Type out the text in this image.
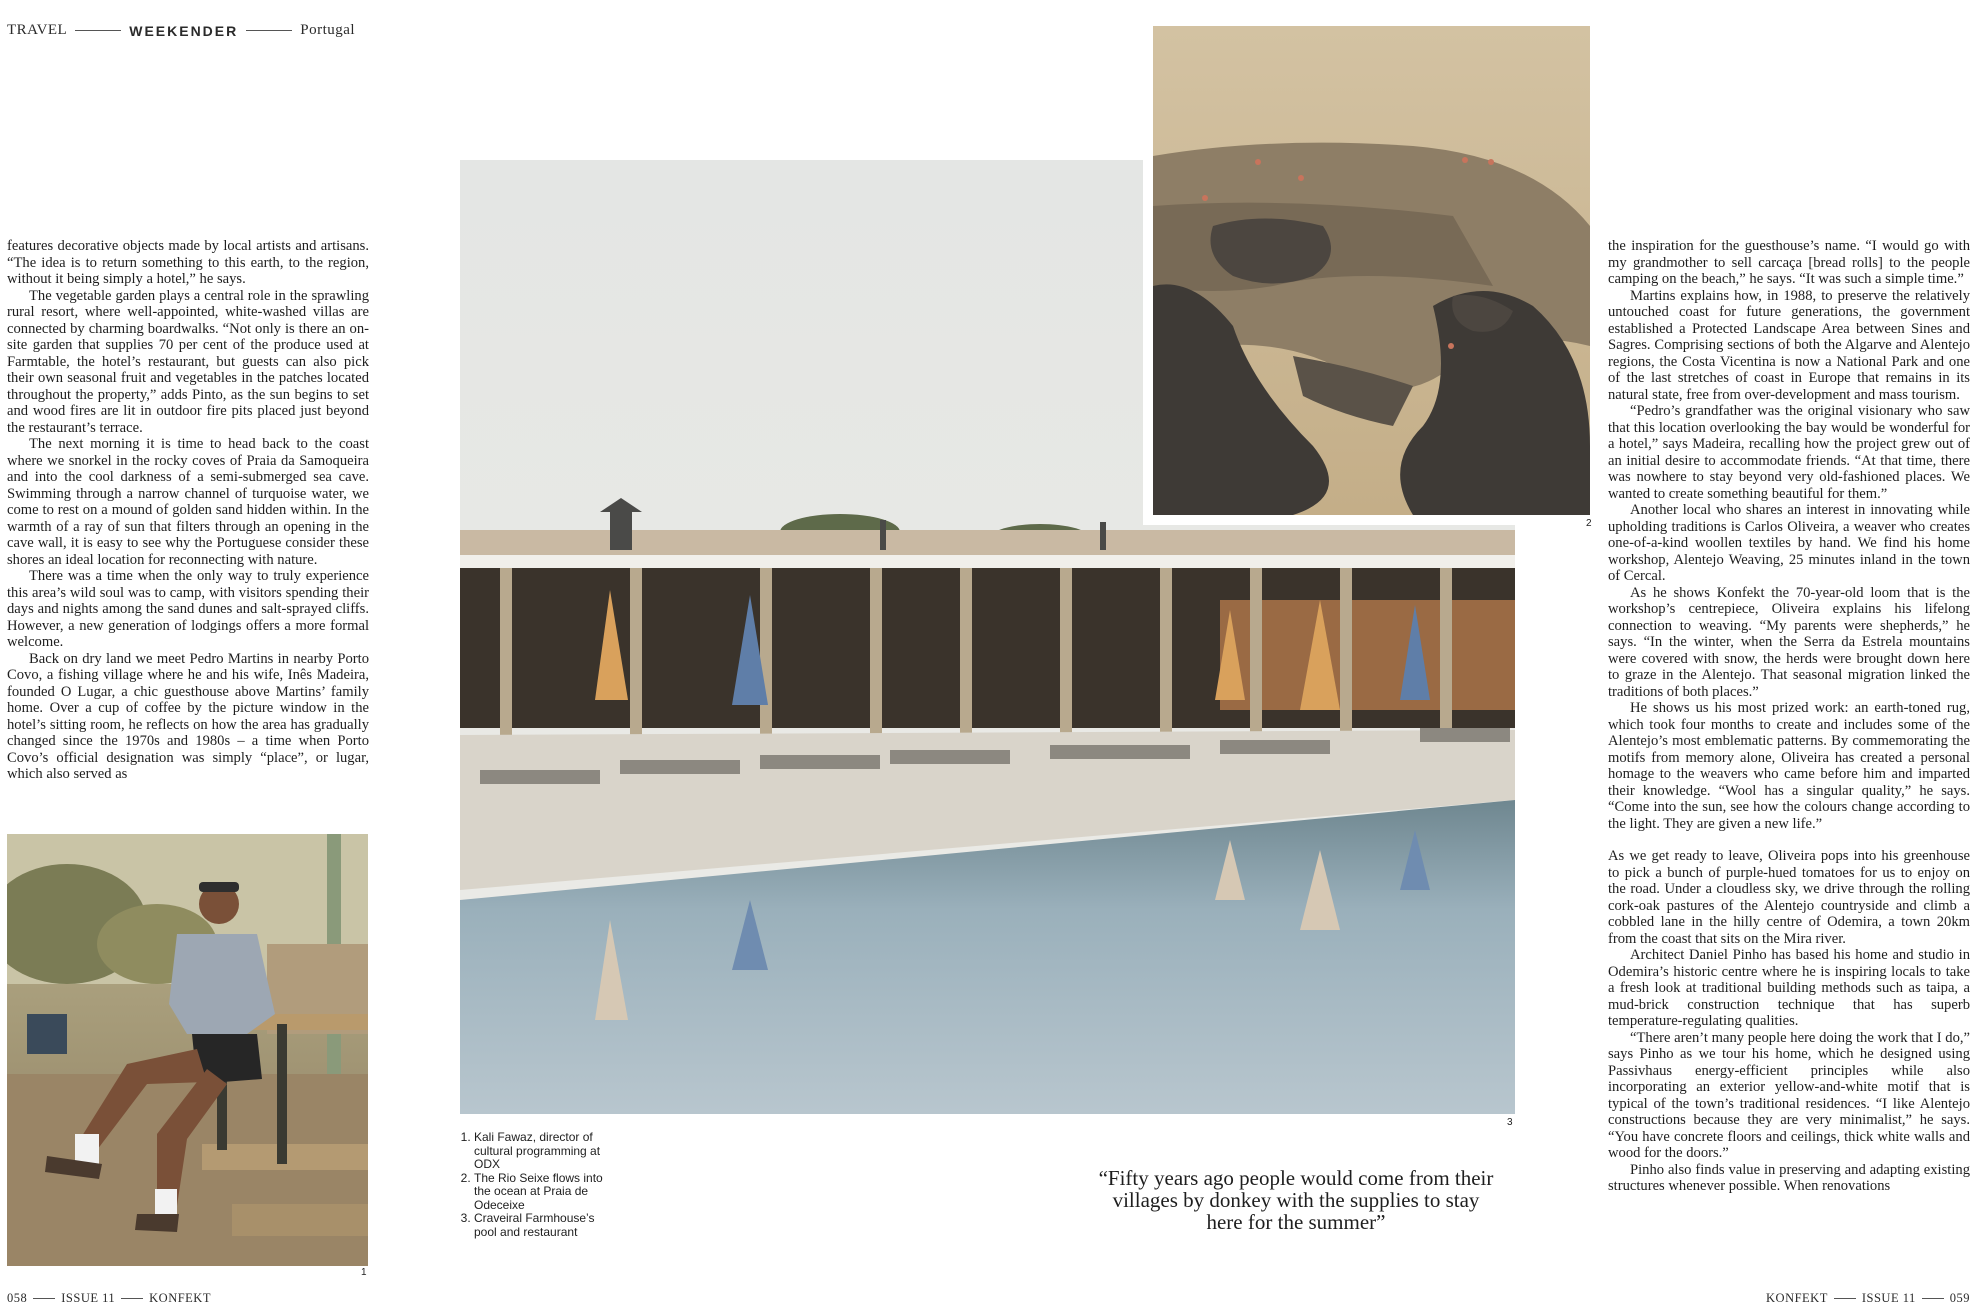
TRAVEL	WEEKENDER	Portugal

features decorative objects made by local artists and artisans. “The idea is to return something to this earth, to the region, without it being simply a hotel,” he says.

The vegetable garden plays a central role in the sprawling rural resort, where well-appointed, white-washed villas are connected by charming boardwalks. “Not only is there an on-site garden that supplies 70 per cent of the produce used at Farmtable, the hotel’s restaurant, but guests can also pick their own seasonal fruit and vegetables in the patches located throughout the property,” adds Pinto, as the sun begins to set and wood fires are lit in outdoor fire pits placed just beyond the restaurant’s terrace.

The next morning it is time to head back to the coast where we snorkel in the rocky coves of Praia da Samoqueira and into the cool darkness of a semi-submerged sea cave. Swimming through a narrow channel of turquoise water, we come to rest on a mound of golden sand hidden within. In the warmth of a ray of sun that filters through an opening in the cave wall, it is easy to see why the Portuguese consider these shores an ideal location for reconnecting with nature.

There was a time when the only way to truly experience this area’s wild soul was to camp, with visitors spending their days and nights among the sand dunes and salt-sprayed cliffs. However, a new generation of lodgings offers a more formal welcome.

Back on dry land we meet Pedro Martins in nearby Porto Covo, a fishing village where he and his wife, Inês Madeira, founded O Lugar, a chic guesthouse above Martins’ family home. Over a cup of coffee by the picture window in the hotel’s sitting room, he reflects on how the area has gradually changed since the 1970s and 1980s – a time when Porto Covo’s official designation was simply “place”, or lugar, which also served as

1
3
2
1. Kali Fawaz, director of cultural programming at ODX
2. The Rio Seixe flows into the ocean at Praia de Odeceixe
3. Craveiral Farmhouse’s pool and restaurant
“Fifty years ago people would come from their villages by donkey with the supplies to stay here for the summer”

the inspiration for the guesthouse’s name. “I would go with my grandmother to sell carcaça [bread rolls] to the people camping on the beach,” he says. “It was such a simple time.”

Martins explains how, in 1988, to preserve the relatively untouched coast for future generations, the government established a Protected Landscape Area between Sines and Sagres. Comprising sections of both the Algarve and Alentejo regions, the Costa Vicentina is now a National Park and one of the last stretches of coast in Europe that remains in its natural state, free from over-development and mass tourism.

“Pedro’s grandfather was the original visionary who saw that this location overlooking the bay would be wonderful for a hotel,” says Madeira, recalling how the project grew out of an initial desire to accommodate friends. “At that time, there was nowhere to stay beyond very old-fashioned places. We wanted to create something beautiful for them.”

Another local who shares an interest in innovating while upholding traditions is Carlos Oliveira, a weaver who creates one-of-a-kind woollen textiles by hand. We find his home workshop, Alentejo Weaving, 25 minutes inland in the town of Cercal.

As he shows Konfekt the 70-year-old loom that is the workshop’s centrepiece, Oliveira explains his lifelong connection to weaving. “My parents were shepherds,” he says. “In the winter, when the Serra da Estrela mountains were covered with snow, the herds were brought down here to graze in the Alentejo. That seasonal migration linked the traditions of both places.”

He shows us his most prized work: an earth-toned rug, which took four months to create and includes some of the Alentejo’s most emblematic patterns. By commemorating the motifs from memory alone, Oliveira has created a personal homage to the weavers who came before him and imparted their knowledge. “Wool has a singular quality,” he says. “Come into the sun, see how the colours change according to the light. They are given a new life.”

As we get ready to leave, Oliveira pops into his greenhouse to pick a bunch of purple-hued tomatoes for us to enjoy on the road. Under a cloudless sky, we drive through the rolling cork-oak pastures of the Alentejo countryside and climb a cobbled lane in the hilly centre of Odemira, a town 20km from the coast that sits on the Mira river.

Architect Daniel Pinho has based his home and studio in Odemira’s historic centre where he is inspiring locals to take a fresh look at traditional building methods such as taipa, a mud-brick construction technique that has superb temperature-regulating qualities.

“There aren’t many people here doing the work that I do,” says Pinho as we tour his home, which he designed using Passivhaus energy-efficient principles while also incorporating an exterior yellow-and-white motif that is typical of the town’s traditional residences. “I like Alentejo constructions because they are very minimalist,” he says. “You have concrete floors and ceilings, thick white walls and wood for the doors.”

Pinho also finds value in preserving and adapting existing structures whenever possible. When renovations

058	ISSUE 11	KONFEKT	KONFEKT	ISSUE 11	059
